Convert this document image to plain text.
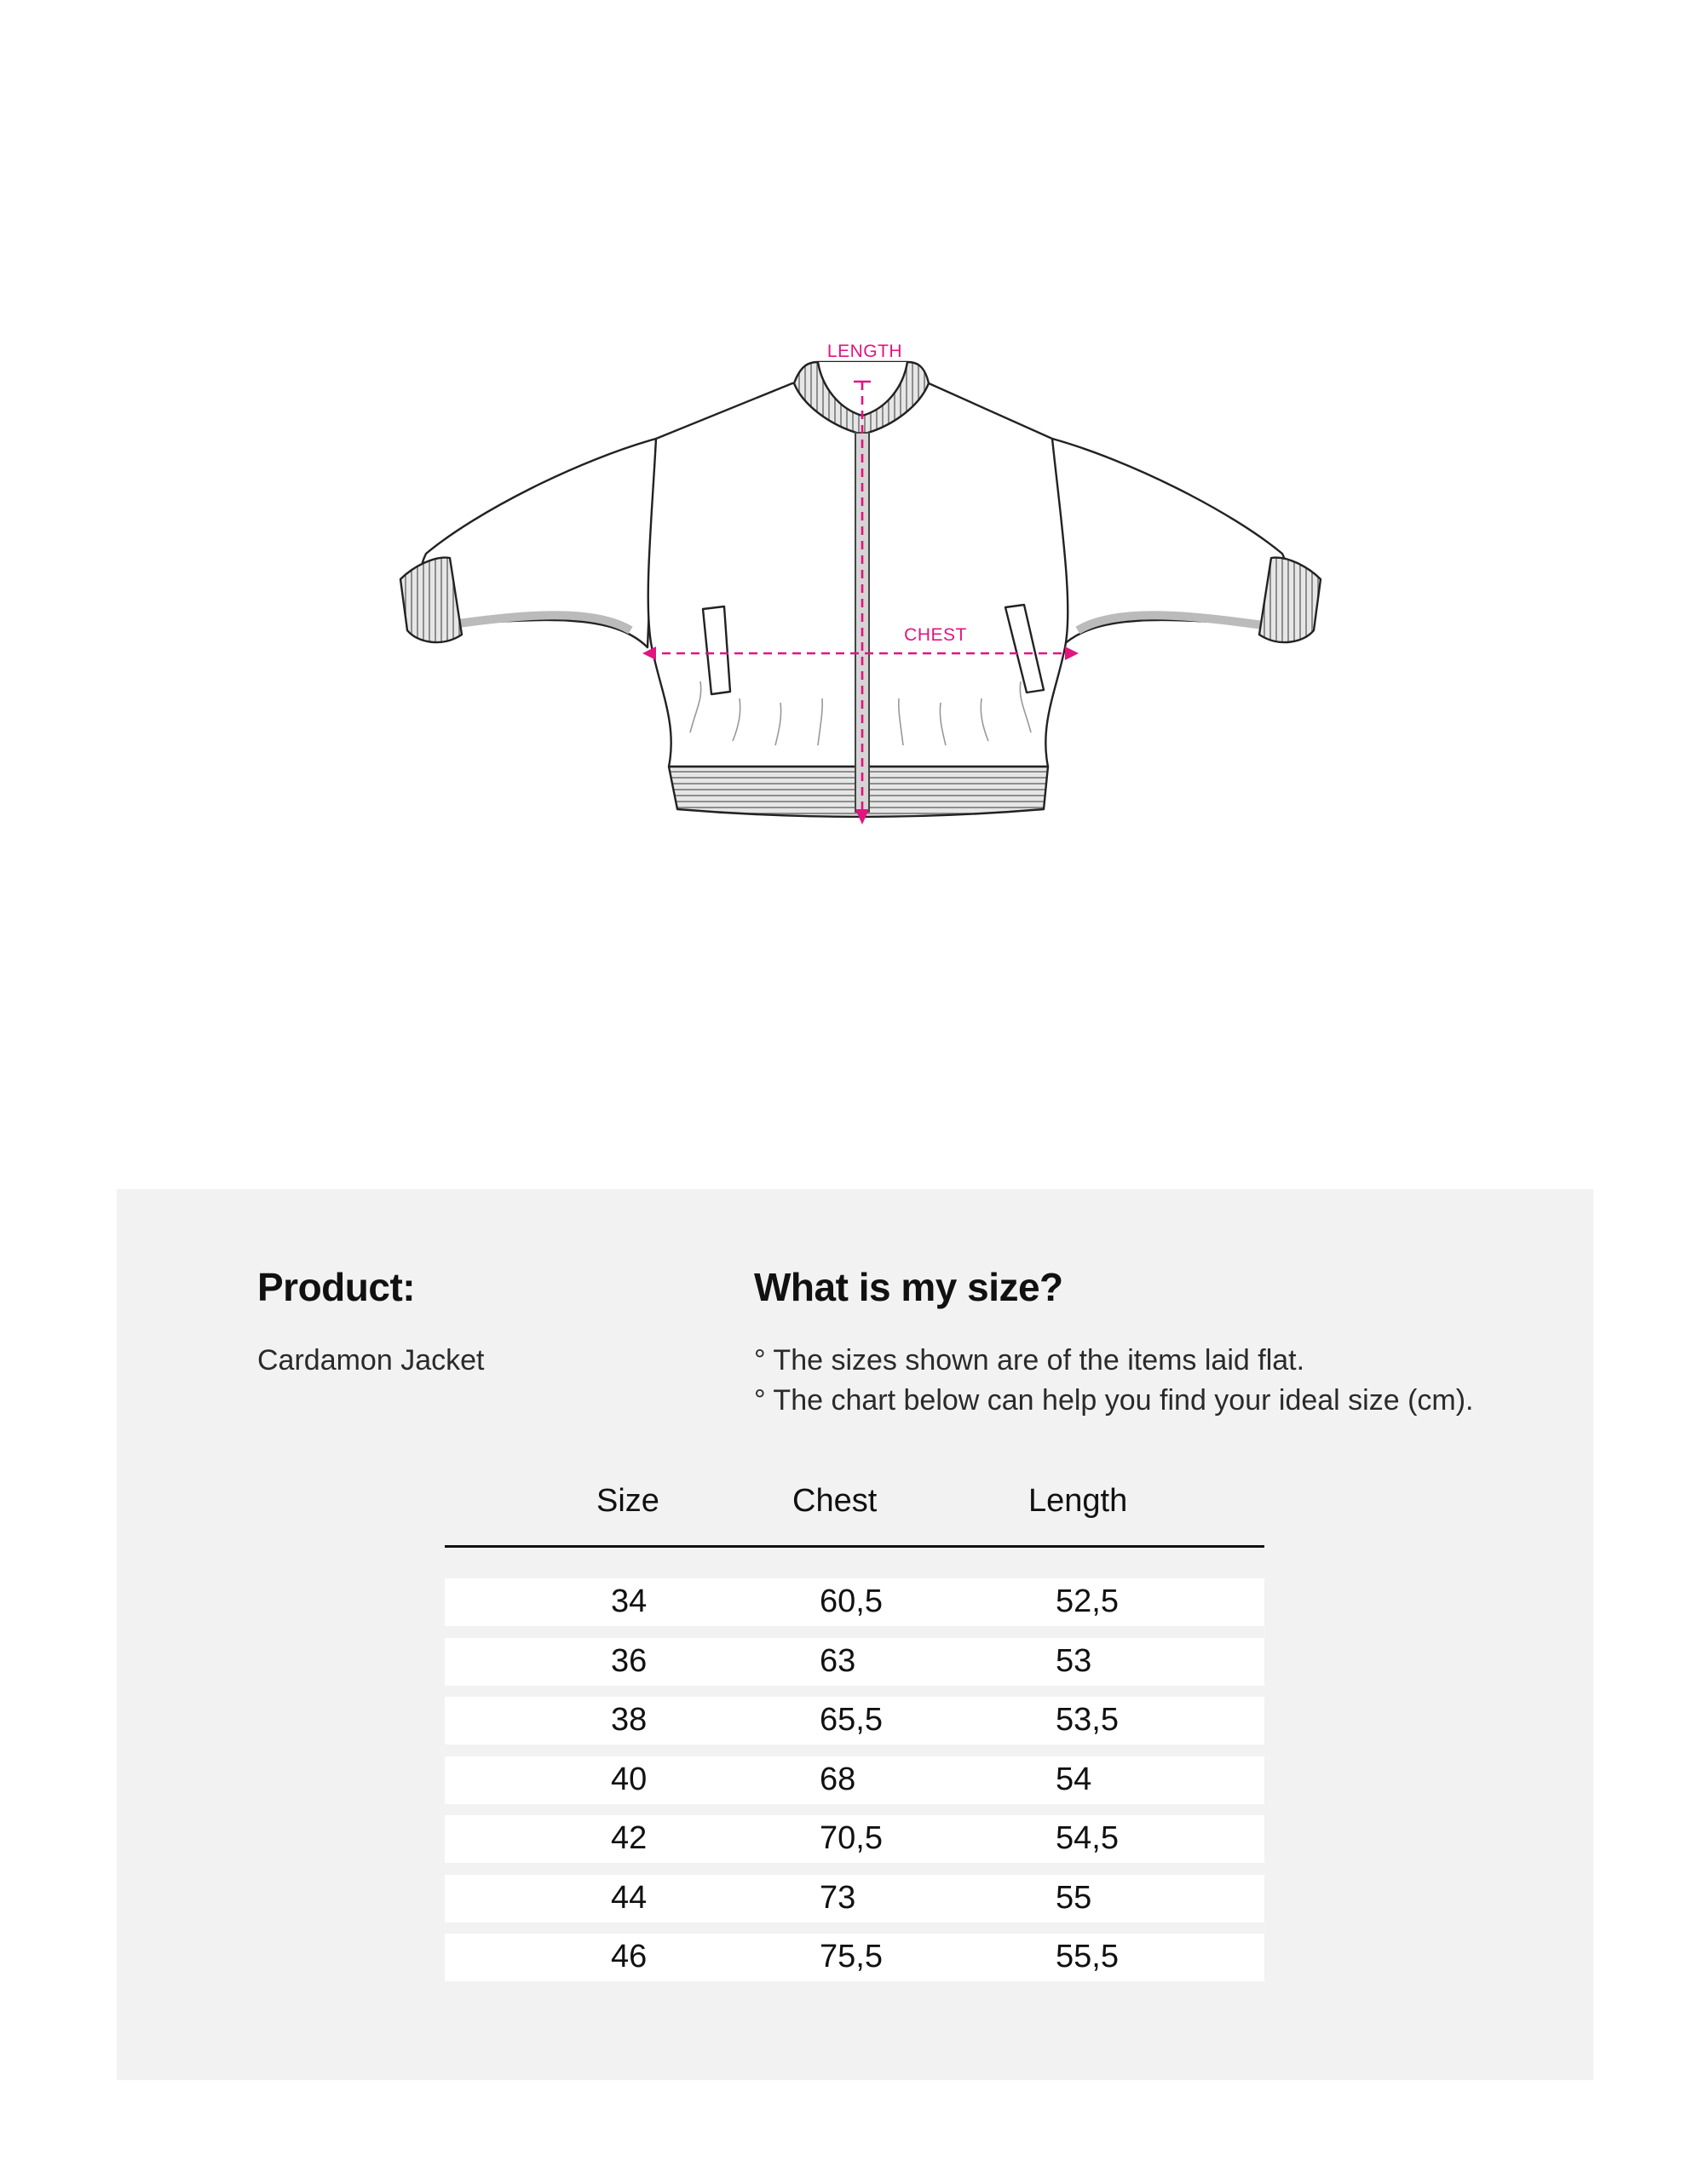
LENGTH
CHEST
Product:
Cardamon Jacket
What is my size?
° The sizes shown are of the items laid flat.
° The chart below can help you find your ideal size (cm).
Size	Chest	Length
34	60,5	52,5
36	63	53
38	65,5	53,5
40	68	54
42	70,5	54,5
44	73	55
46	75,5	55,5
